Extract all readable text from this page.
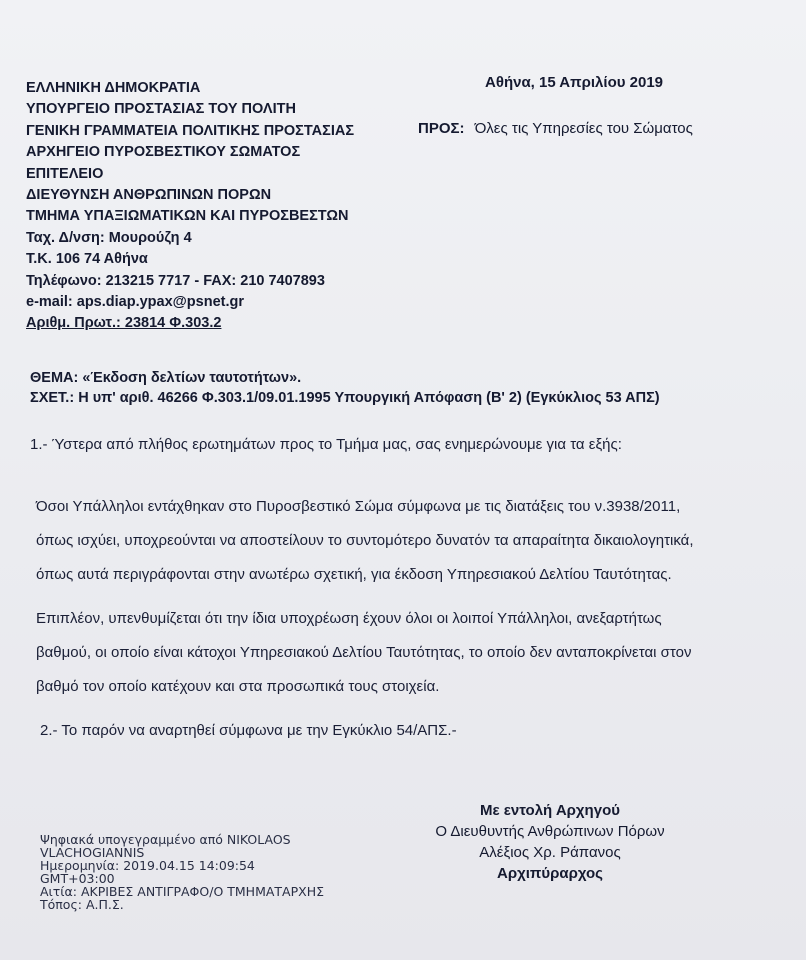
ΕΛΛΗΝΙΚΗ ΔΗΜΟΚΡΑΤΙΑ
ΥΠΟΥΡΓΕΙΟ ΠΡΟΣΤΑΣΙΑΣ ΤΟΥ ΠΟΛΙΤΗ
ΓΕΝΙΚΗ ΓΡΑΜΜΑΤΕΙΑ ΠΟΛΙΤΙΚΗΣ ΠΡΟΣΤΑΣΙΑΣ
ΑΡΧΗΓΕΙΟ ΠΥΡΟΣΒΕΣΤΙΚΟΥ ΣΩΜΑΤΟΣ
ΕΠΙΤΕΛΕΙΟ
ΔΙΕΥΘΥΝΣΗ ΑΝΘΡΩΠΙΝΩΝ ΠΟΡΩΝ
ΤΜΗΜΑ ΥΠΑΞΙΩΜΑΤΙΚΩΝ ΚΑΙ ΠΥΡΟΣΒΕΣΤΩΝ
Ταχ. Δ/νση: Μουρούζη 4
Τ.Κ. 106 74 Αθήνα
Τηλέφωνο: 213215 7717 - FAX: 210 7407893
e-mail: aps.diap.ypax@psnet.gr
Αριθμ. Πρωτ.: 23814 Φ.303.2
Αθήνα, 15 Απριλίου 2019
ΠΡΟΣ: Όλες τις Υπηρεσίες του Σώματος
ΘΕΜΑ: «Έκδοση δελτίων ταυτοτήτων».
ΣΧΕΤ.: Η υπ' αριθ. 46266 Φ.303.1/09.01.1995 Υπουργική Απόφαση (Β' 2) (Εγκύκλιος 53 ΑΠΣ)
1.- Ύστερα από πλήθος ερωτημάτων προς το Τμήμα μας, σας ενημερώνουμε για τα εξής:
Όσοι Υπάλληλοι εντάχθηκαν στο Πυροσβεστικό Σώμα σύμφωνα με τις διατάξεις του ν.3938/2011,
όπως ισχύει, υποχρεούνται να αποστείλουν το συντομότερο δυνατόν τα απαραίτητα δικαιολογητικά,
όπως αυτά περιγράφονται στην ανωτέρω σχετική, για έκδοση Υπηρεσιακού Δελτίου Ταυτότητας.
Επιπλέον, υπενθυμίζεται ότι την ίδια υποχρέωση έχουν όλοι οι λοιποί Υπάλληλοι, ανεξαρτήτως
βαθμού, οι οποίο είναι κάτοχοι Υπηρεσιακού Δελτίου Ταυτότητας, το οποίο δεν ανταποκρίνεται στον
βαθμό τον οποίο κατέχουν και στα προσωπικά τους στοιχεία.
2.- Το παρόν να αναρτηθεί σύμφωνα με την Εγκύκλιο 54/ΑΠΣ.-
Με εντολή Αρχηγού
Ο Διευθυντής Ανθρώπινων Πόρων
Αλέξιος Χρ. Ράπανος
Αρχιπύραρχος
Ψηφιακά υπογεγραμμένο από NIKOLAOS
VLACHOGIANNIS
Ημερομηνία: 2019.04.15 14:09:54
GMT+03:00
Αιτία: ΑΚΡΙΒΕΣ ΑΝΤΙΓΡΑΦΟ/Ο ΤΜΗΜΑΤΑΡΧΗΣ
Τόπος: Α.Π.Σ.
